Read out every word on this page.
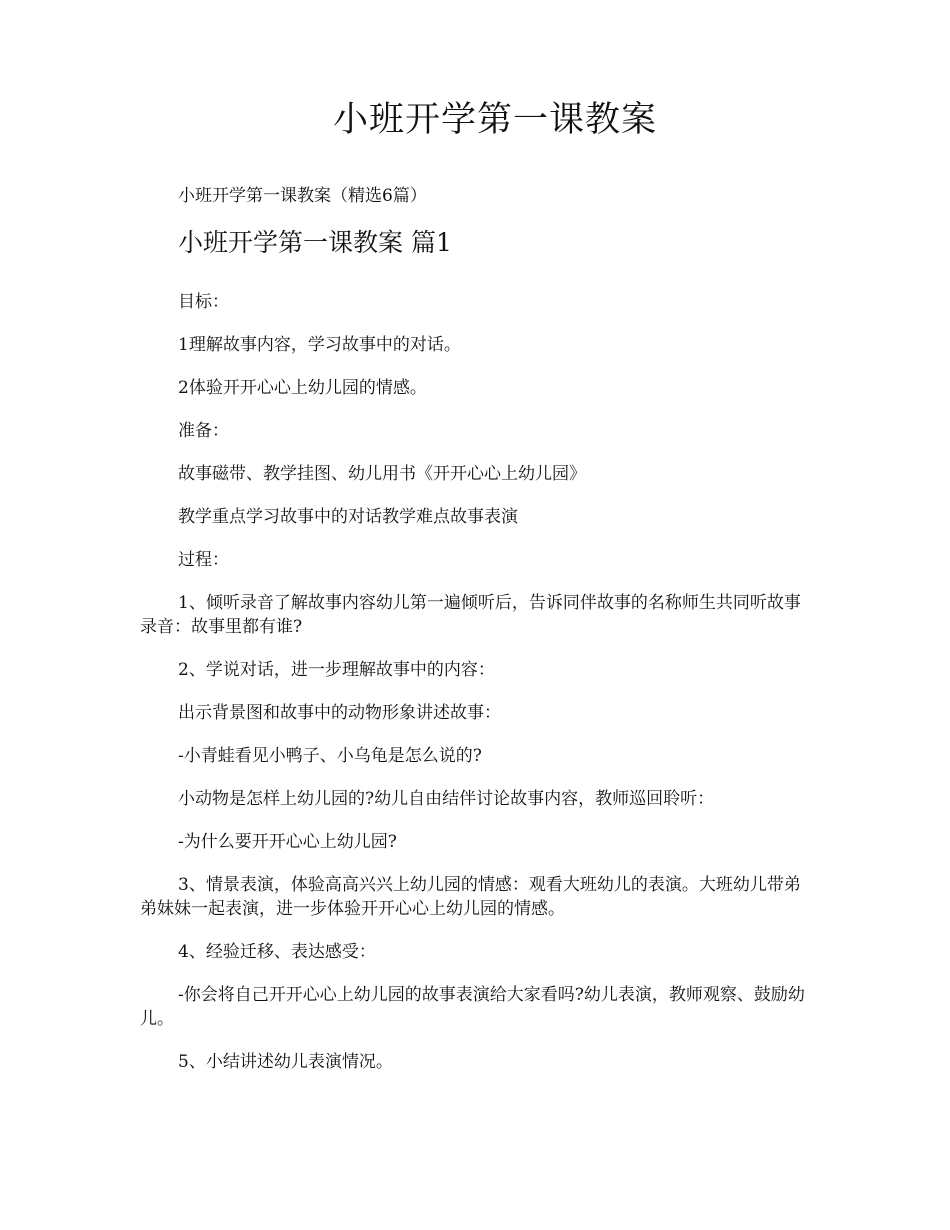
小班开学第一课教案
小班开学第一课教案（精选6篇）
小班开学第一课教案 篇1

目标：

1理解故事内容，学习故事中的对话。

2体验开开心心上幼儿园的情感。

准备：

故事磁带、教学挂图、幼儿用书《开开心心上幼儿园》

教学重点学习故事中的对话教学难点故事表演

过程：

1、倾听录音了解故事内容幼儿第一遍倾听后，告诉同伴故事的名称师生共同听故事录音：故事里都有谁?

2、学说对话，进一步理解故事中的内容：

出示背景图和故事中的动物形象讲述故事：

-小青蛙看见小鸭子、小乌龟是怎么说的?

小动物是怎样上幼儿园的?幼儿自由结伴讨论故事内容，教师巡回聆听：

-为什么要开开心心上幼儿园?

3、情景表演，体验高高兴兴上幼儿园的情感：观看大班幼儿的表演。大班幼儿带弟弟妹妹一起表演，进一步体验开开心心上幼儿园的情感。

4、经验迁移、表达感受：

-你会将自己开开心心上幼儿园的故事表演给大家看吗?幼儿表演，教师观察、鼓励幼儿。

5、小结讲述幼儿表演情况。
